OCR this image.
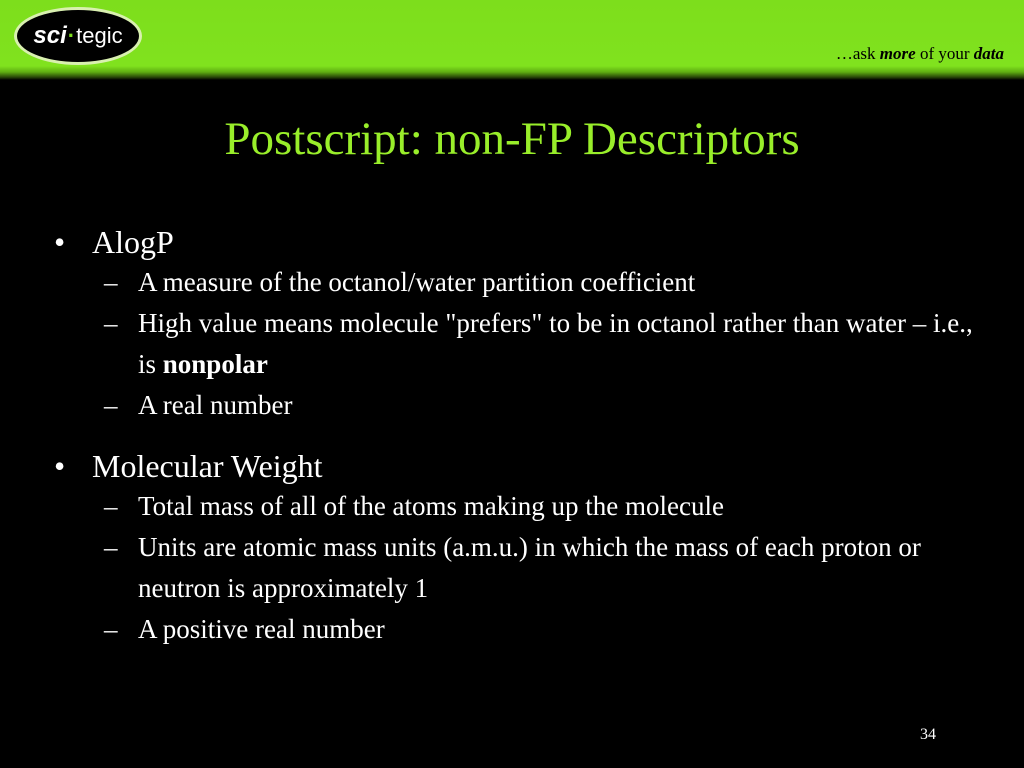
sci · tegic
…ask more of your data
Postscript: non-FP Descriptors
• AlogP
– A measure of the octanol/water partition coefficient
– High value means molecule "prefers" to be in octanol rather than water – i.e., is nonpolar
– A real number
• Molecular Weight
– Total mass of all of the atoms making up the molecule
– Units are atomic mass units (a.m.u.) in which the mass of each proton or neutron is approximately 1
– A positive real number
34
